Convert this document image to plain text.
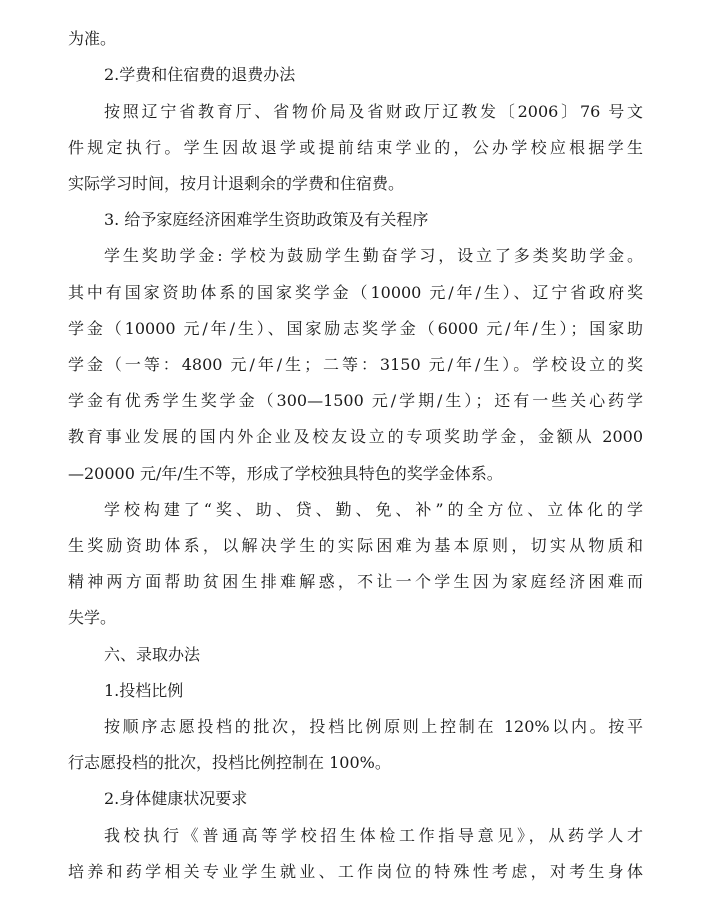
为准。
2.学费和住宿费的退费办法
按照辽宁省教育厅、省物价局及省财政厅辽教发〔2006〕76 号文
件规定执行。学生因故退学或提前结束学业的，公办学校应根据学生
实际学习时间，按月计退剩余的学费和住宿费。
3. 给予家庭经济困难学生资助政策及有关程序
学生奖助学金: 学校为鼓励学生勤奋学习，设立了多类奖助学金。
其中有国家资助体系的国家奖学金（10000 元/年/生）、辽宁省政府奖
学金（10000 元/年/生）、国家励志奖学金（6000 元/年/生）；国家助
学金（一等：4800 元/年/生；二等：3150 元/年/生）。学校设立的奖
学金有优秀学生奖学金（300—1500 元/学期/生）；还有一些关心药学
教育事业发展的国内外企业及校友设立的专项奖助学金，金额从 2000
—20000 元/年/生不等，形成了学校独具特色的奖学金体系。
学校构建了“奖、助、贷、勤、免、补”的全方位、立体化的学
生奖励资助体系，以解决学生的实际困难为基本原则，切实从物质和
精神两方面帮助贫困生排难解惑，不让一个学生因为家庭经济困难而
失学。
六、录取办法
1.投档比例
按顺序志愿投档的批次，投档比例原则上控制在 120%以内。按平
行志愿投档的批次，投档比例控制在 100%。
2.身体健康状况要求
我校执行《普通高等学校招生体检工作指导意见》，从药学人才
培养和药学相关专业学生就业、工作岗位的特殊性考虑，对考生身体
